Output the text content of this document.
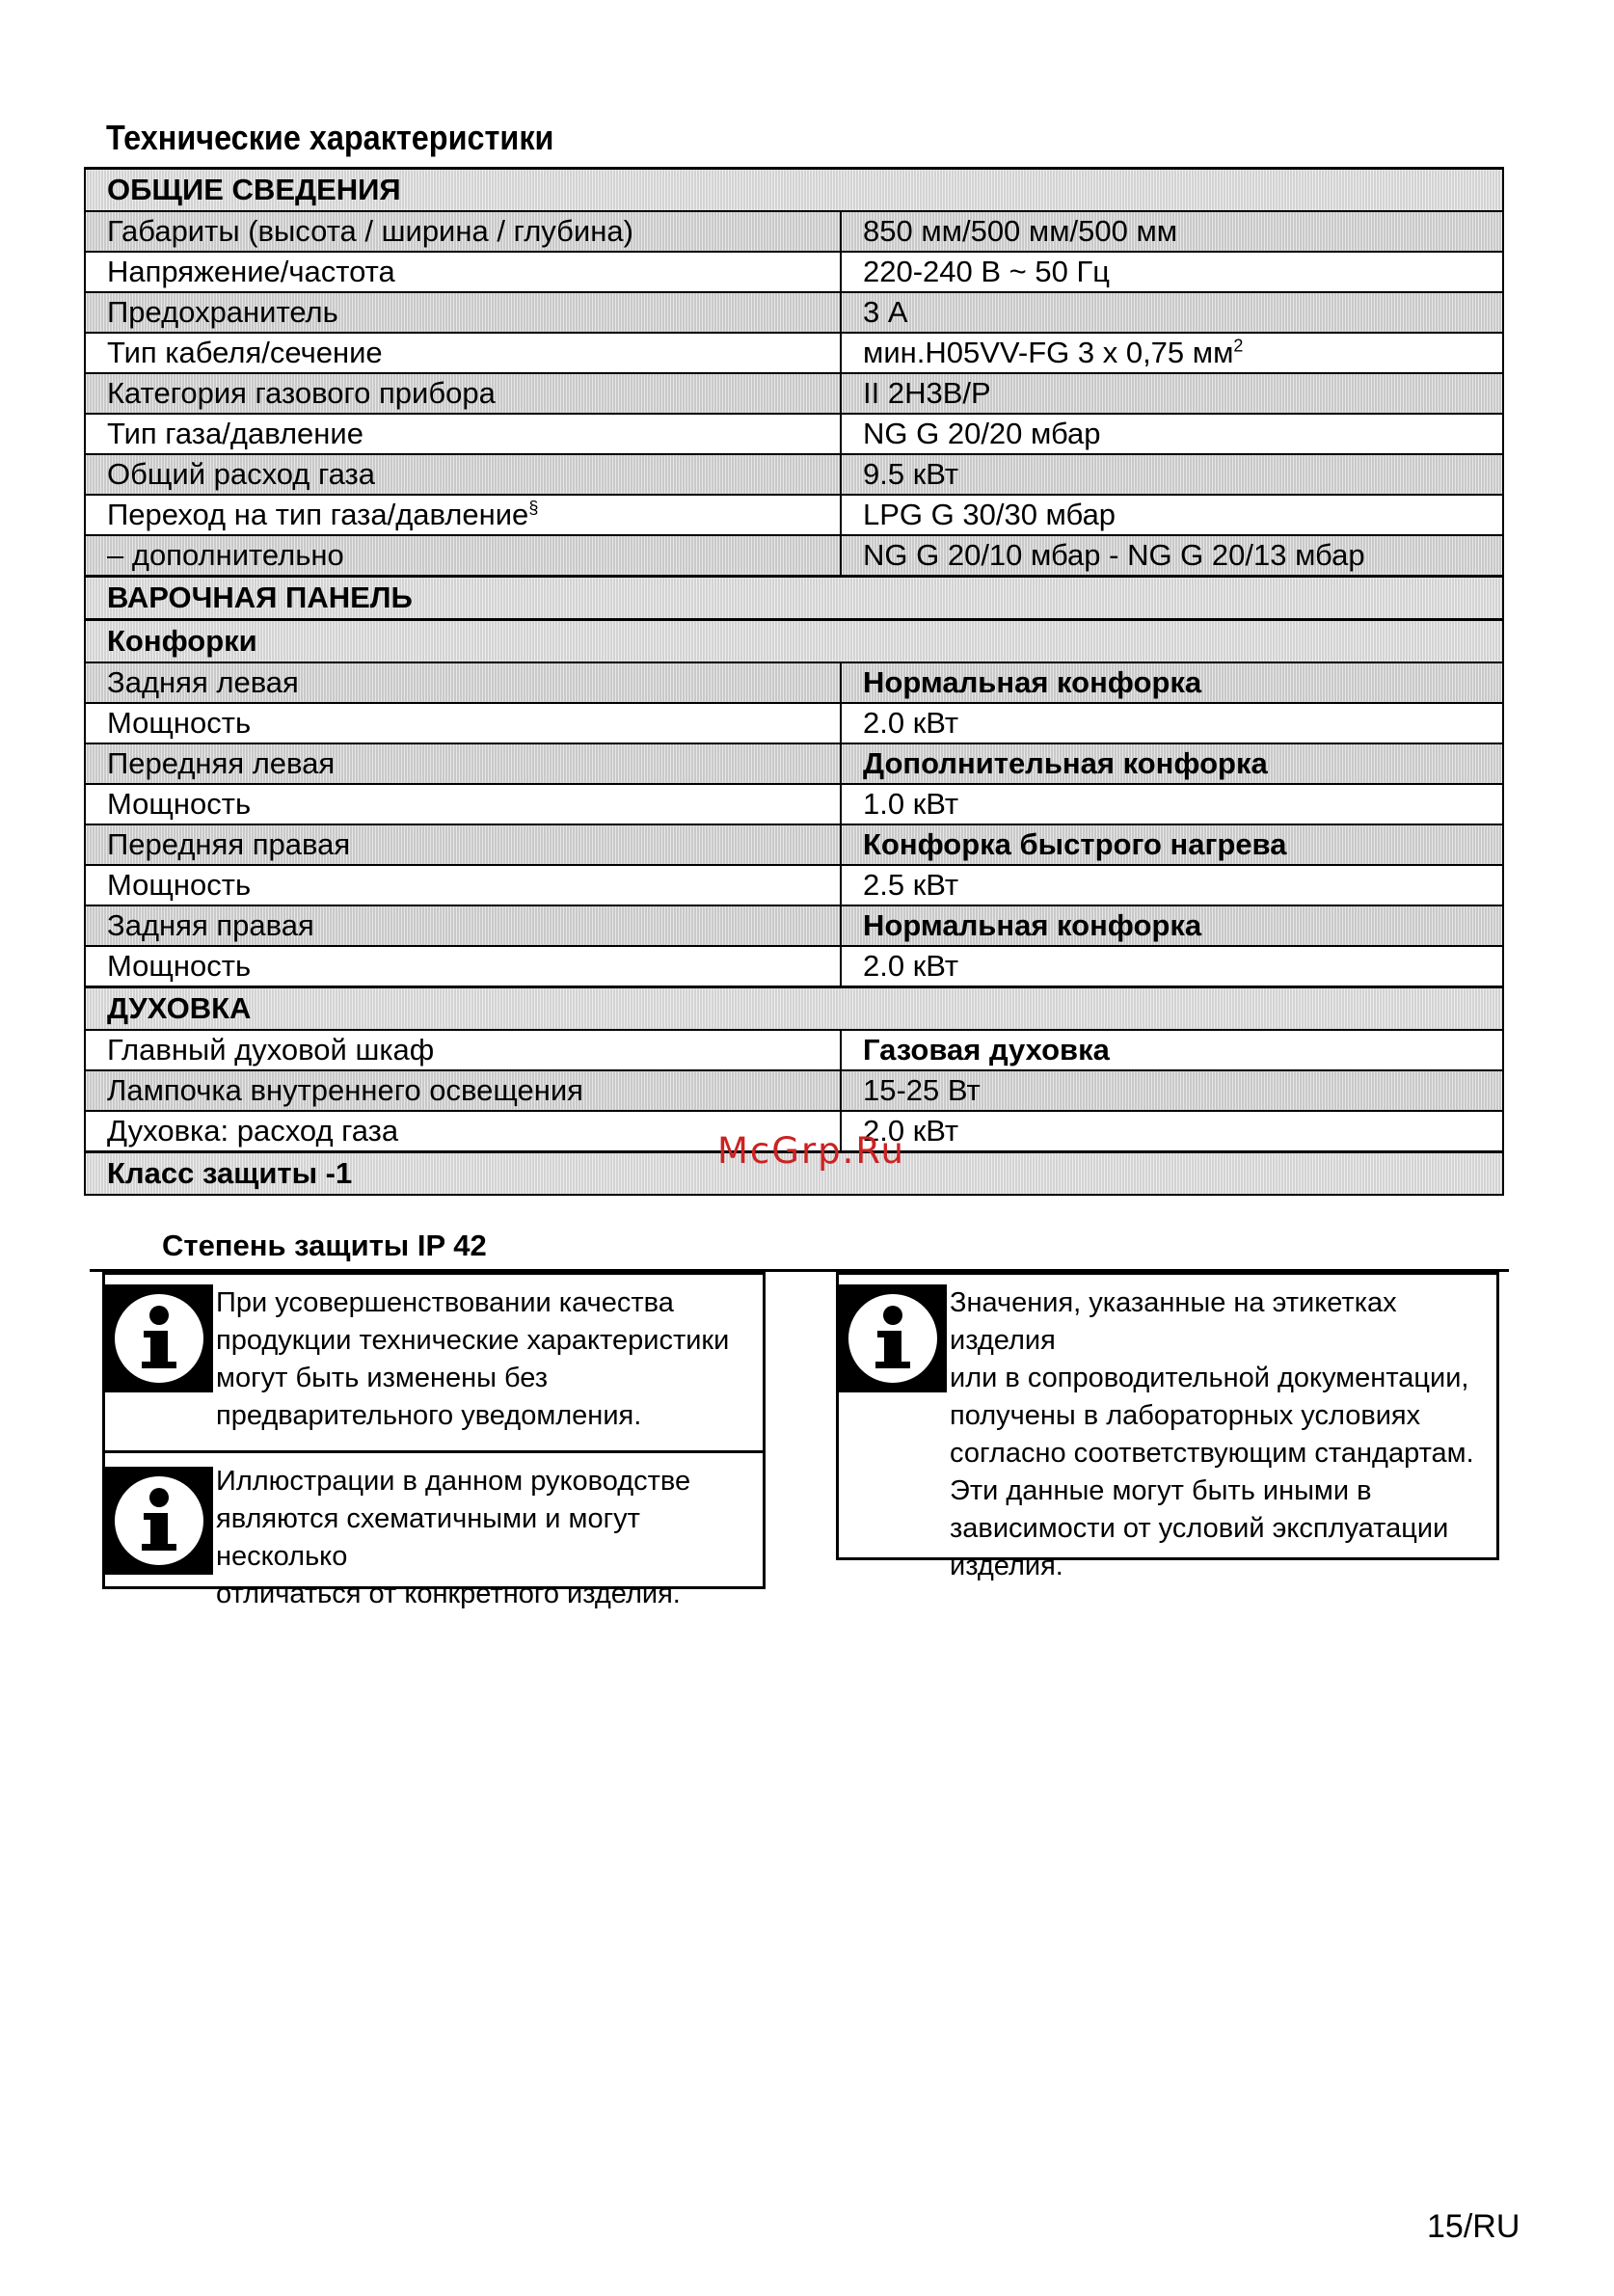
Технические характеристики
ОБЩИЕ СВЕДЕНИЯ	
Габариты (высота / ширина / глубина)	850 мм/500 мм/500 мм
Напряжение/частота	220-240 В ~ 50 Гц
Предохранитель	3 А
Тип кабеля/сечение	мин.H05VV-FG 3 x 0,75 $мм^2$
Категория газового прибора	II 2H3B/P
Тип газа/давление	NG G 20/20 мбар
Общий расход газа	9.5 кВт
Переход на тип газа/давление§	LPG G 30/30 мбар
– дополнительно	NG G 20/10 мбар - NG G 20/13 мбар
ВАРОЧНАЯ ПАНЕЛЬ	
Конфорки	
Задняя левая	Нормальная конфорка
Мощность	2.0 кВт
Передняя левая	Дополнительная конфорка
Мощность	1.0 кВт
Передняя правая	Конфорка быстрого нагрева
Мощность	2.5 кВт
Задняя правая	Нормальная конфорка
Мощность	2.0 кВт
ДУХОВКА	
Главный духовой шкаф	Газовая духовка
Лампочка внутреннего освещения	15-25 Вт
Духовка: расход газа	2.0 кВт
Класс защиты -1	
Степень защиты IP 42
При усовершенствовании качества
продукции технические характеристики
могут быть изменены без
предварительного уведомления.
Иллюстрации в данном руководстве
являются схематичными и могут несколько
отличаться от конкретного изделия.
Значения, указанные на этикетках изделия
или в сопроводительной документации,
получены в лабораторных условиях
согласно соответствующим стандартам.
Эти данные могут быть иными в
зависимости от условий эксплуатации
изделия.
McGrp.Ru
15/RU
